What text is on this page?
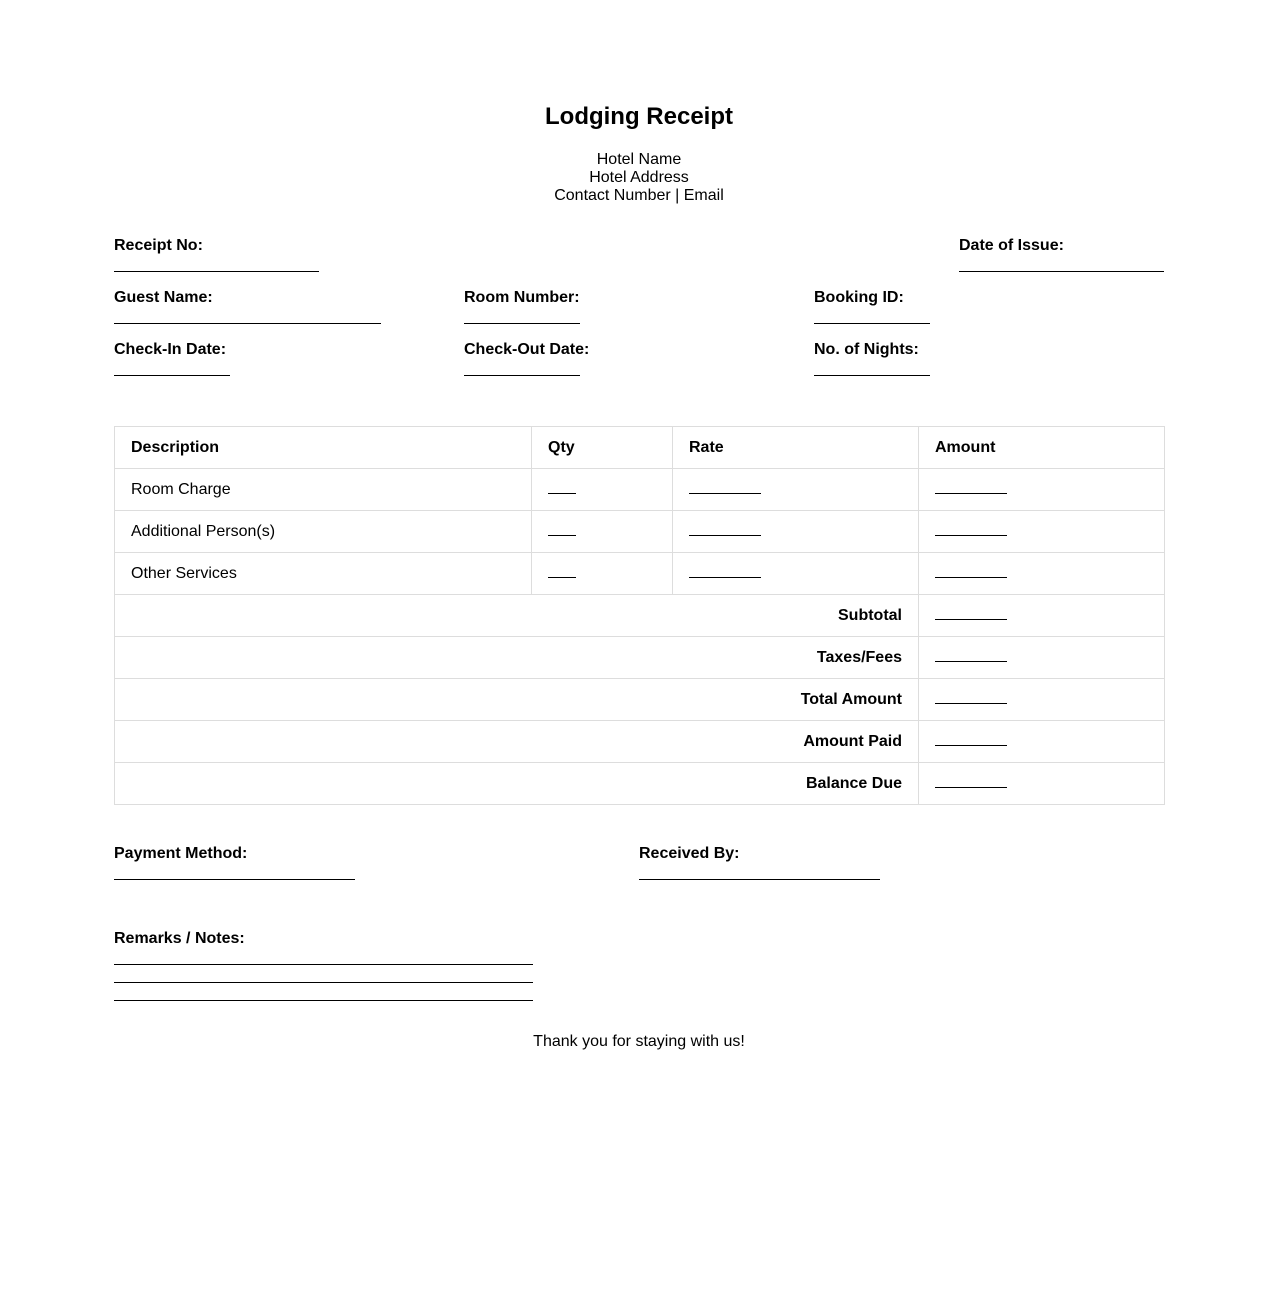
Lodging Receipt
Hotel Name
Hotel Address
Contact Number | Email
Receipt No:	Date of Issue:
Guest Name:	Room Number:	Booking ID:
Check-In Date:	Check-Out Date:	No. of Nights:
Description	Qty	Rate	Amount
Room Charge			
Additional Person(s)			
Other Services			
Subtotal			
Taxes/Fees			
Total Amount			
Amount Paid			
Balance Due			
Payment Method:	Received By:
Remarks / Notes:
Thank you for staying with us!
